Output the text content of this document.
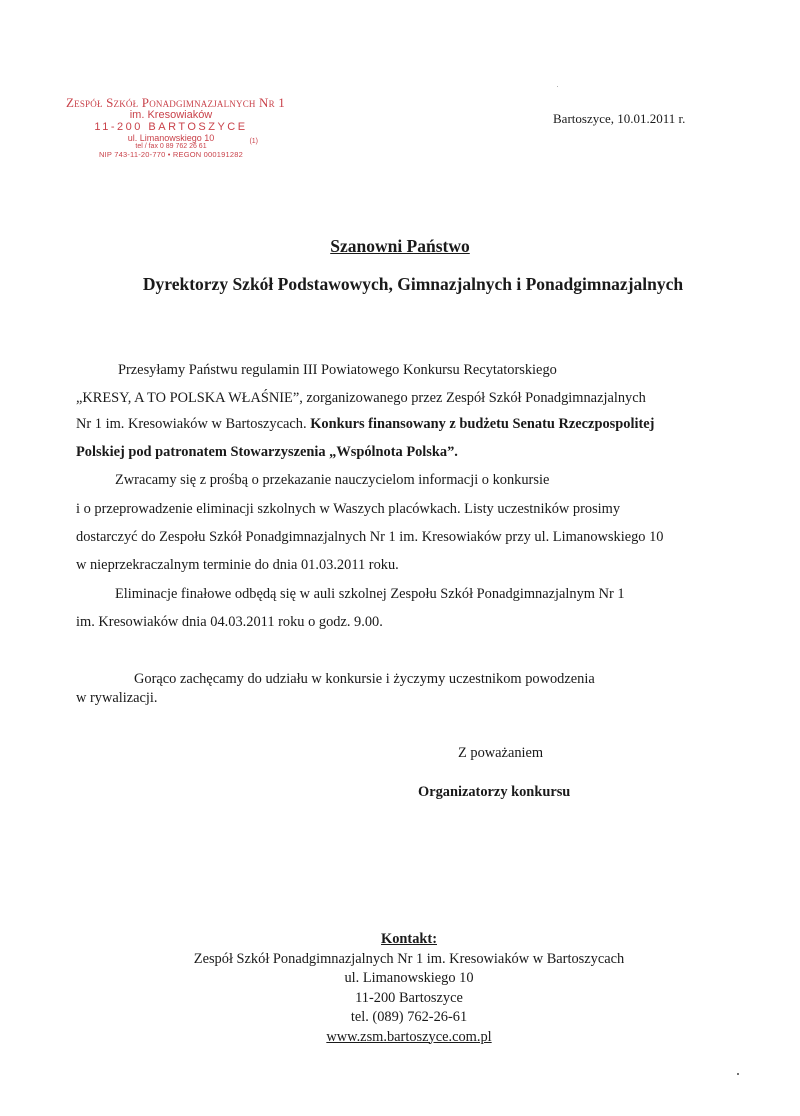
Zespół Szkół Ponadgimnazjalnych Nr 1
im. Kresowiaków
11-200 BARTOSZYCE
ul. Limanowskiego 10
tel / fax 0 89 762 26 61
(1)
NIP 743-11-20-770 • REGON 000191282
Bartoszyce, 10.01.2011 r.
Szanowni Państwo
Dyrektorzy Szkół Podstawowych, Gimnazjalnych i Ponadgimnazjalnych
Przesyłamy Państwu regulamin III Powiatowego Konkursu Recytatorskiego
„KRESY, A TO POLSKA WŁAŚNIE”, zorganizowanego przez Zespół Szkół Ponadgimnazjalnych
Nr 1 im. Kresowiaków w Bartoszycach. Konkurs finansowany z budżetu Senatu Rzeczpospolitej
Polskiej pod patronatem Stowarzyszenia „Wspólnota Polska”.
Zwracamy się z prośbą o przekazanie nauczycielom informacji o konkursie
i o przeprowadzenie eliminacji szkolnych w Waszych placówkach. Listy uczestników prosimy
dostarczyć do Zespołu Szkół Ponadgimnazjalnych Nr 1 im. Kresowiaków przy ul. Limanowskiego 10
w nieprzekraczalnym terminie do dnia 01.03.2011 roku.
Eliminacje finałowe odbędą się w auli szkolnej Zespołu Szkół Ponadgimnazjalnym Nr 1
im. Kresowiaków dnia 04.03.2011 roku o godz. 9.00.
Gorąco zachęcamy do udziału w konkursie i życzymy uczestnikom powodzenia
w rywalizacji.
Z poważaniem
Organizatorzy konkursu
Kontakt:
Zespół Szkół Ponadgimnazjalnych Nr 1 im. Kresowiaków w Bartoszycach
ul. Limanowskiego 10
11-200 Bartoszyce
tel. (089) 762-26-61
www.zsm.bartoszyce.com.pl
